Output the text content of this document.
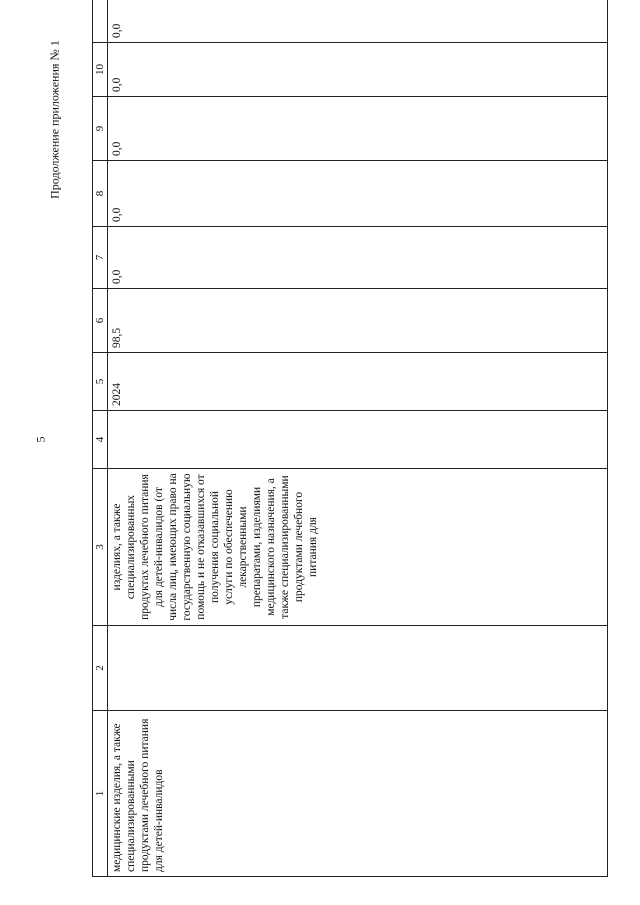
5
Продолжение приложения № 1
1	2	3	4	5	6	7	8	9	10	
медицинские изделия, а также специализированными продуктами лечебного питания для детей-инвалидов		изделиях, а также специализированных продуктах лечебного питания для детей-инвалидов (от числа лиц, имеющих право на государственную социальную помощь и не отказавшихся от получения социальной услуги по обеспечению лекарственными препаратами, изделиями медицинского назначения, а также специализированными продуктами лечебного питания для		2024	98,5	0,0	0,0	0,0	0,0	0,0
